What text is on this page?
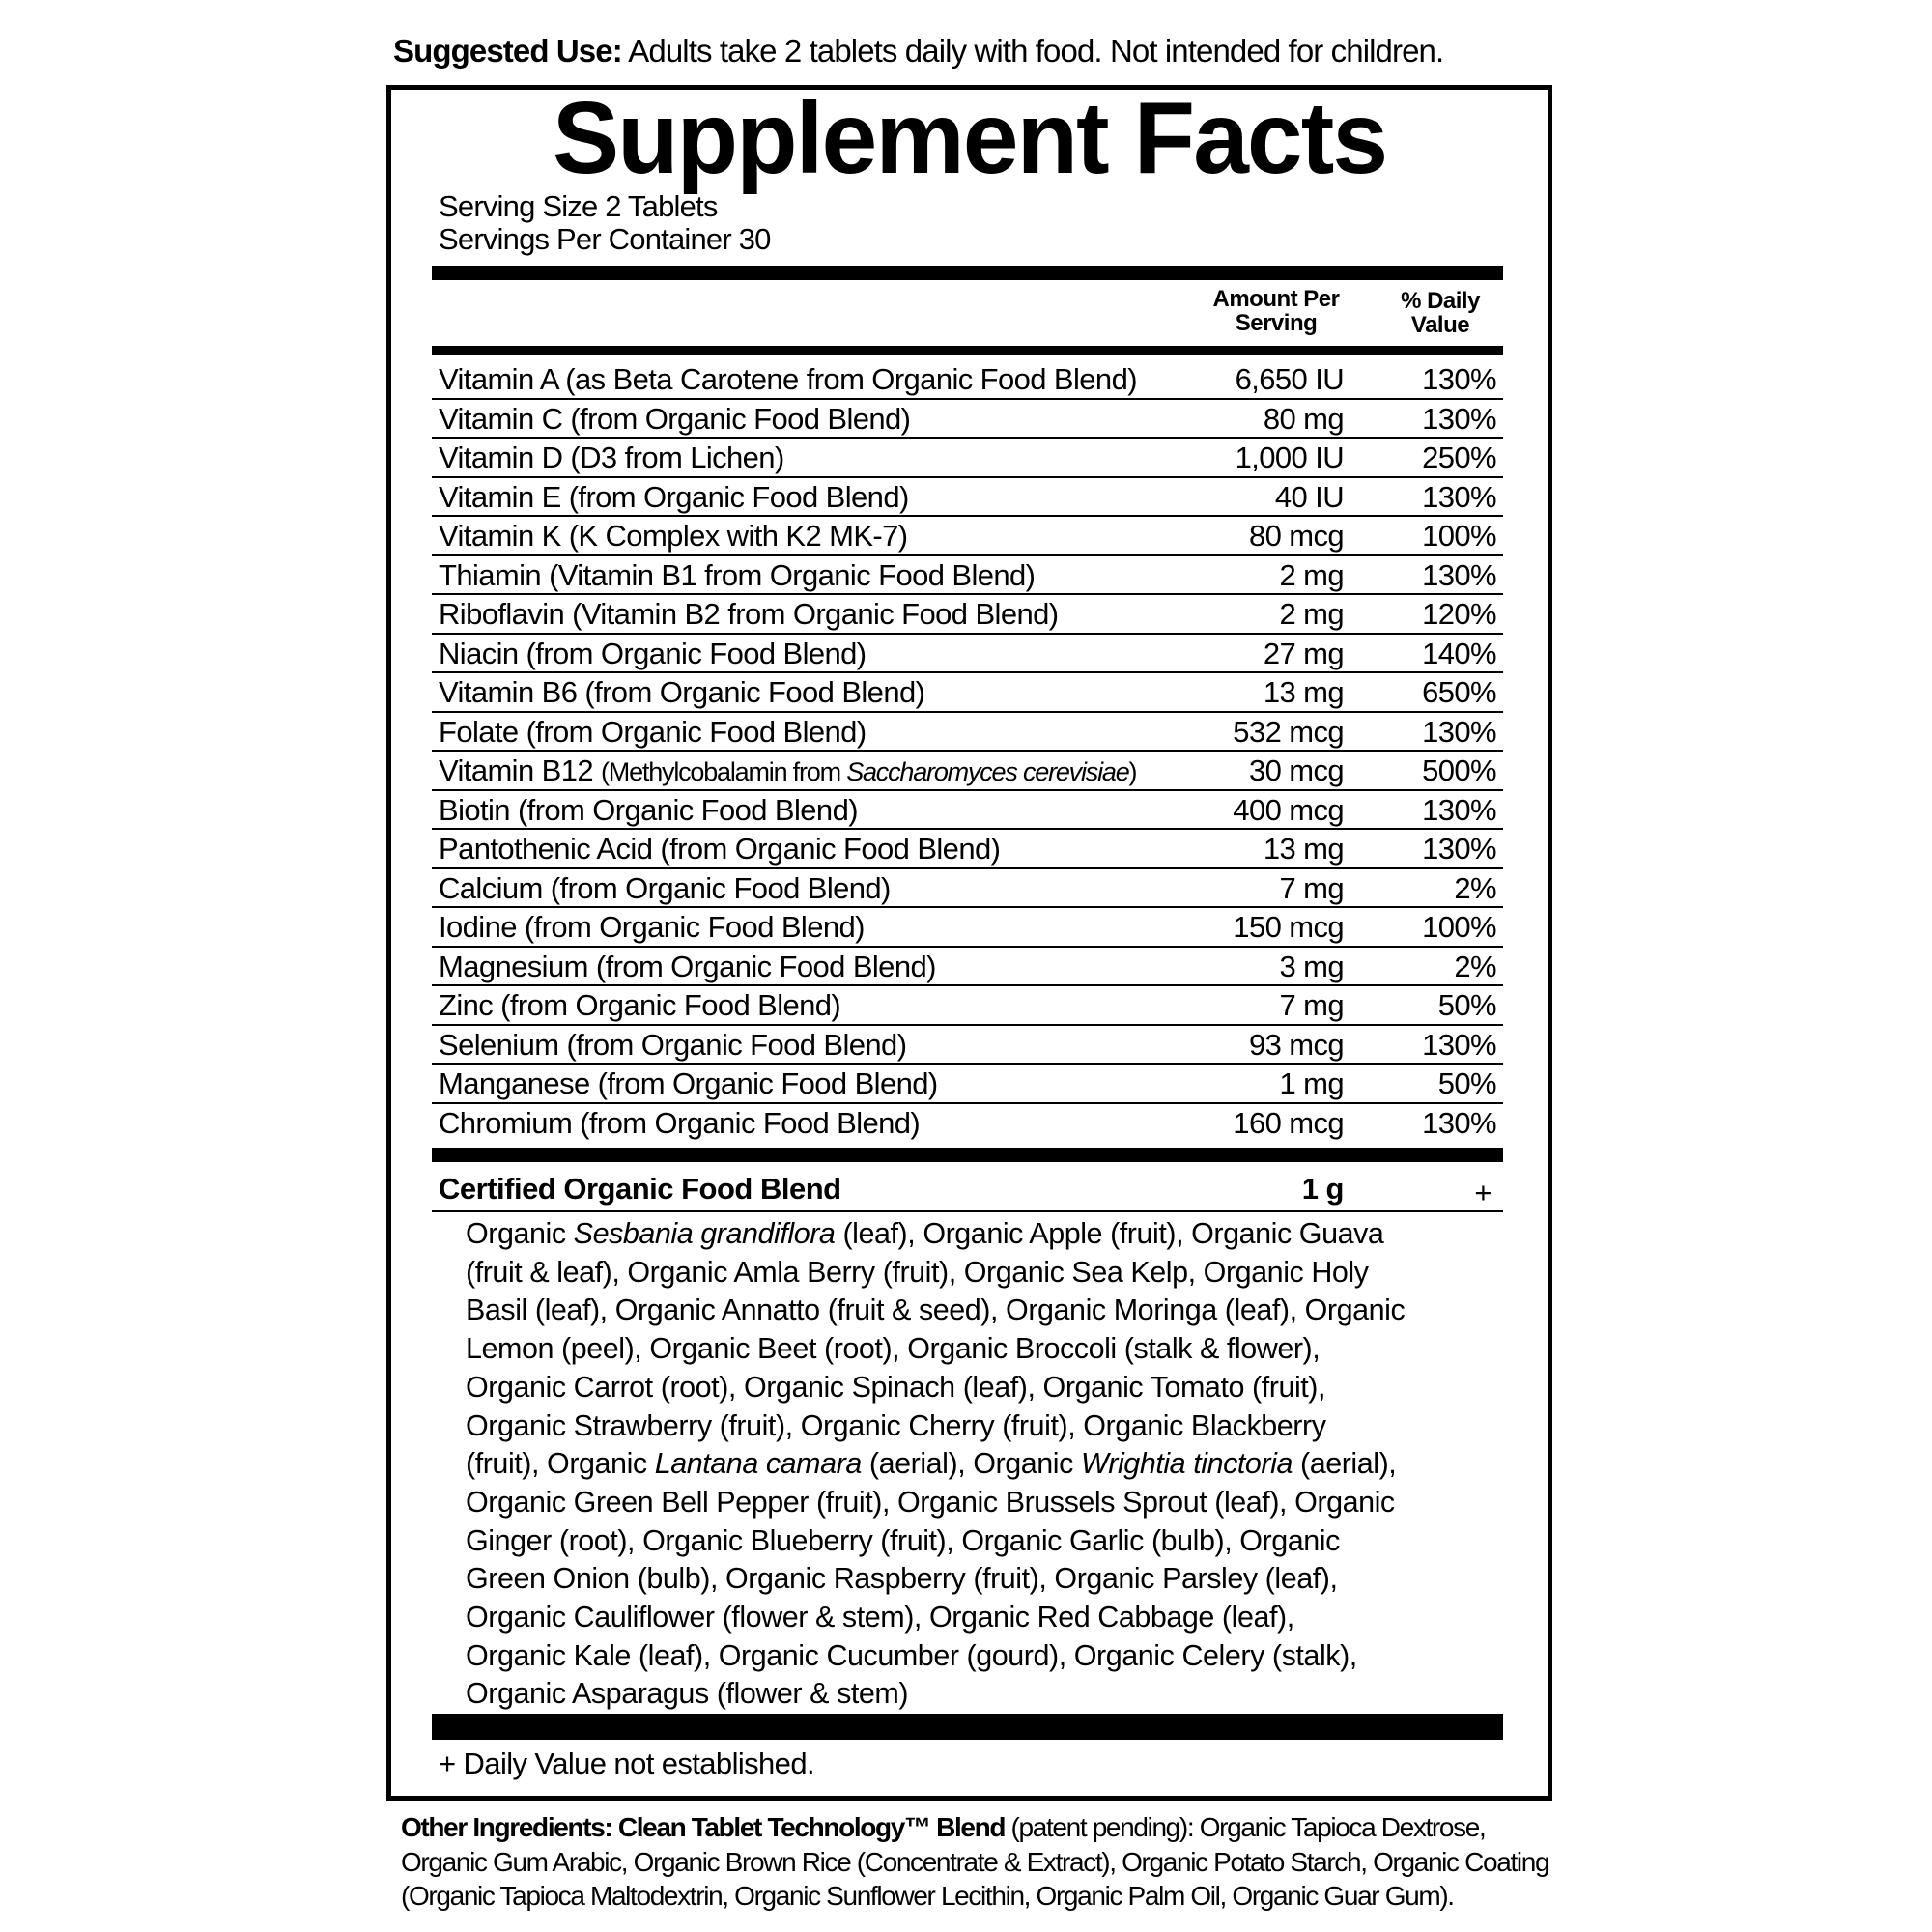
Suggested Use: Adults take 2 tablets daily with food. Not intended for children.
Supplement Facts
Serving Size 2 Tablets
Servings Per Container 30
Amount Per
Serving
% Daily
Value
Vitamin A (as Beta Carotene from Organic Food Blend)	6,650 IU	130%
Vitamin C (from Organic Food Blend)	80 mg	130%
Vitamin D (D3 from Lichen)	1,000 IU	250%
Vitamin E (from Organic Food Blend)	40 IU	130%
Vitamin K (K Complex with K2 MK-7)	80 mcg	100%
Thiamin (Vitamin B1 from Organic Food Blend)	2 mg	130%
Riboflavin (Vitamin B2 from Organic Food Blend)	2 mg	120%
Niacin (from Organic Food Blend)	27 mg	140%
Vitamin B6 (from Organic Food Blend)	13 mg	650%
Folate (from Organic Food Blend)	532 mcg	130%
Vitamin B12 (Methylcobalamin from Saccharomyces cerevisiae)	30 mcg	500%
Biotin (from Organic Food Blend)	400 mcg	130%
Pantothenic Acid (from Organic Food Blend)	13 mg	130%
Calcium (from Organic Food Blend)	7 mg	2%
Iodine (from Organic Food Blend)	150 mcg	100%
Magnesium (from Organic Food Blend)	3 mg	2%
Zinc (from Organic Food Blend)	7 mg	50%
Selenium (from Organic Food Blend)	93 mcg	130%
Manganese (from Organic Food Blend)	1 mg	50%
Chromium (from Organic Food Blend)	160 mcg	130%
Certified Organic Food Blend	1 g	+
Organic Sesbania grandiflora (leaf), Organic Apple (fruit), Organic Guava
(fruit & leaf), Organic Amla Berry (fruit), Organic Sea Kelp, Organic Holy
Basil (leaf), Organic Annatto (fruit & seed), Organic Moringa (leaf), Organic
Lemon (peel), Organic Beet (root), Organic Broccoli (stalk & flower),
Organic Carrot (root), Organic Spinach (leaf), Organic Tomato (fruit),
Organic Strawberry (fruit), Organic Cherry (fruit), Organic Blackberry
(fruit), Organic Lantana camara (aerial), Organic Wrightia tinctoria (aerial),
Organic Green Bell Pepper (fruit), Organic Brussels Sprout (leaf), Organic
Ginger (root), Organic Blueberry (fruit), Organic Garlic (bulb), Organic
Green Onion (bulb), Organic Raspberry (fruit), Organic Parsley (leaf),
Organic Cauliflower (flower & stem), Organic Red Cabbage (leaf),
Organic Kale (leaf), Organic Cucumber (gourd), Organic Celery (stalk),
Organic Asparagus (flower & stem)
+ Daily Value not established.
Other Ingredients: Clean Tablet Technology™ Blend (patent pending): Organic Tapioca Dextrose,
Organic Gum Arabic, Organic Brown Rice (Concentrate & Extract), Organic Potato Starch, Organic Coating
(Organic Tapioca Maltodextrin, Organic Sunflower Lecithin, Organic Palm Oil, Organic Guar Gum).
